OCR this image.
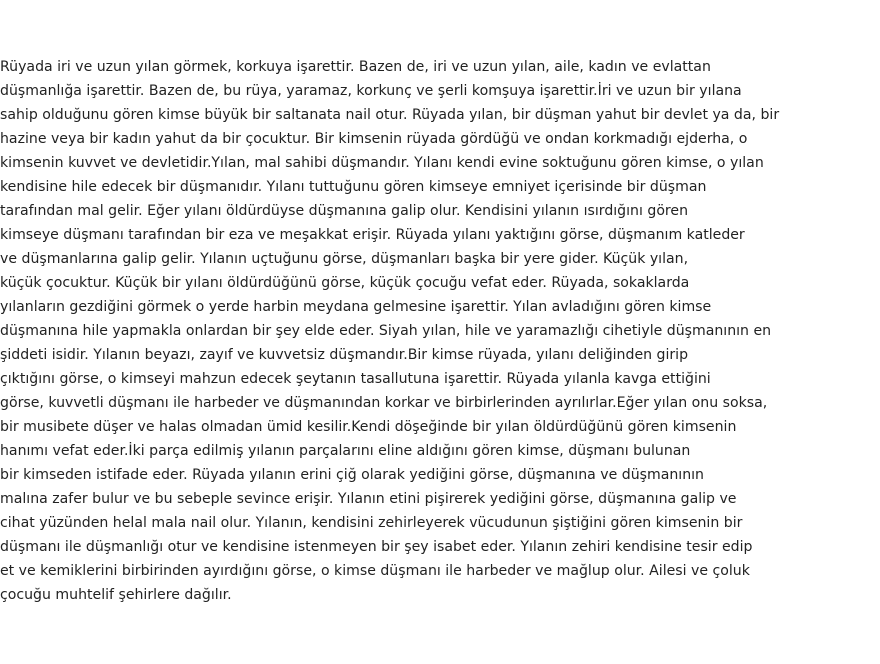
Rüyada iri ve uzun yılan görmek, korkuya işarettir. Bazen de, iri ve uzun yılan, aile, kadın ve evlattan
düşmanlığa işarettir. Bazen de, bu rüya, yaramaz, korkunç ve şerli komşuya işarettir.İri ve uzun bir yılana
sahip olduğunu gören kimse büyük bir saltanata nail otur. Rüyada yılan, bir düşman yahut bir devlet ya da, bir
hazine veya bir kadın yahut da bir çocuktur. Bir kimsenin rüyada gördüğü ve ondan korkmadığı ejderha, o
kimsenin kuvvet ve devletidir.Yılan, mal sahibi düşmandır. Yılanı kendi evine soktuğunu gören kimse, o yılan
kendisine hile edecek bir düşmanıdır. Yılanı tuttuğunu gören kimseye emniyet içerisinde bir düşman
tarafından mal gelir. Eğer yılanı öldürdüyse düşmanına galip olur. Kendisini yılanın ısırdığını gören
kimseye düşmanı tarafından bir eza ve meşakkat erişir. Rüyada yılanı yaktığını görse, düşmanım katleder
ve düşmanlarına galip gelir. Yılanın uçtuğunu görse, düşmanları başka bir yere gider. Küçük yılan,
küçük çocuktur. Küçük bir yılanı öldürdüğünü görse, küçük çocuğu vefat eder. Rüyada, sokaklarda
yılanların gezdiğini görmek o yerde harbin meydana gelmesine işarettir. Yılan avladığını gören kimse
düşmanına hile yapmakla onlardan bir şey elde eder. Siyah yılan, hile ve yaramazlığı cihetiyle düşmanının en
şiddeti isidir. Yılanın beyazı, zayıf ve kuvvetsiz düşmandır.Bir kimse rüyada, yılanı deliğinden girip
çıktığını görse, o kimseyi mahzun edecek şeytanın tasallutuna işarettir. Rüyada yılanla kavga ettiğini
görse, kuvvetli düşmanı ile harbeder ve düşmanından korkar ve birbirlerinden ayrılırlar.Eğer yılan onu soksa,
bir musibete düşer ve halas olmadan ümid kesilir.Kendi döşeğinde bir yılan öldürdüğünü gören kimsenin
hanımı vefat eder.İki parça edilmiş yılanın parçalarını eline aldığını gören kimse, düşmanı bulunan
bir kimseden istifade eder. Rüyada yılanın erini çiğ olarak yediğini görse, düşmanına ve düşmanının
malına zafer bulur ve bu sebeple sevince erişir. Yılanın etini pişirerek yediğini görse, düşmanına galip ve
cihat yüzünden helal mala nail olur. Yılanın, kendisini zehirleyerek vücudunun şiştiğini gören kimsenin bir
düşmanı ile düşmanlığı otur ve kendisine istenmeyen bir şey isabet eder. Yılanın zehiri kendisine tesir edip
et ve kemiklerini birbirinden ayırdığını görse, o kimse düşmanı ile harbeder ve mağlup olur. Ailesi ve çoluk
çocuğu muhtelif şehirlere dağılır.
